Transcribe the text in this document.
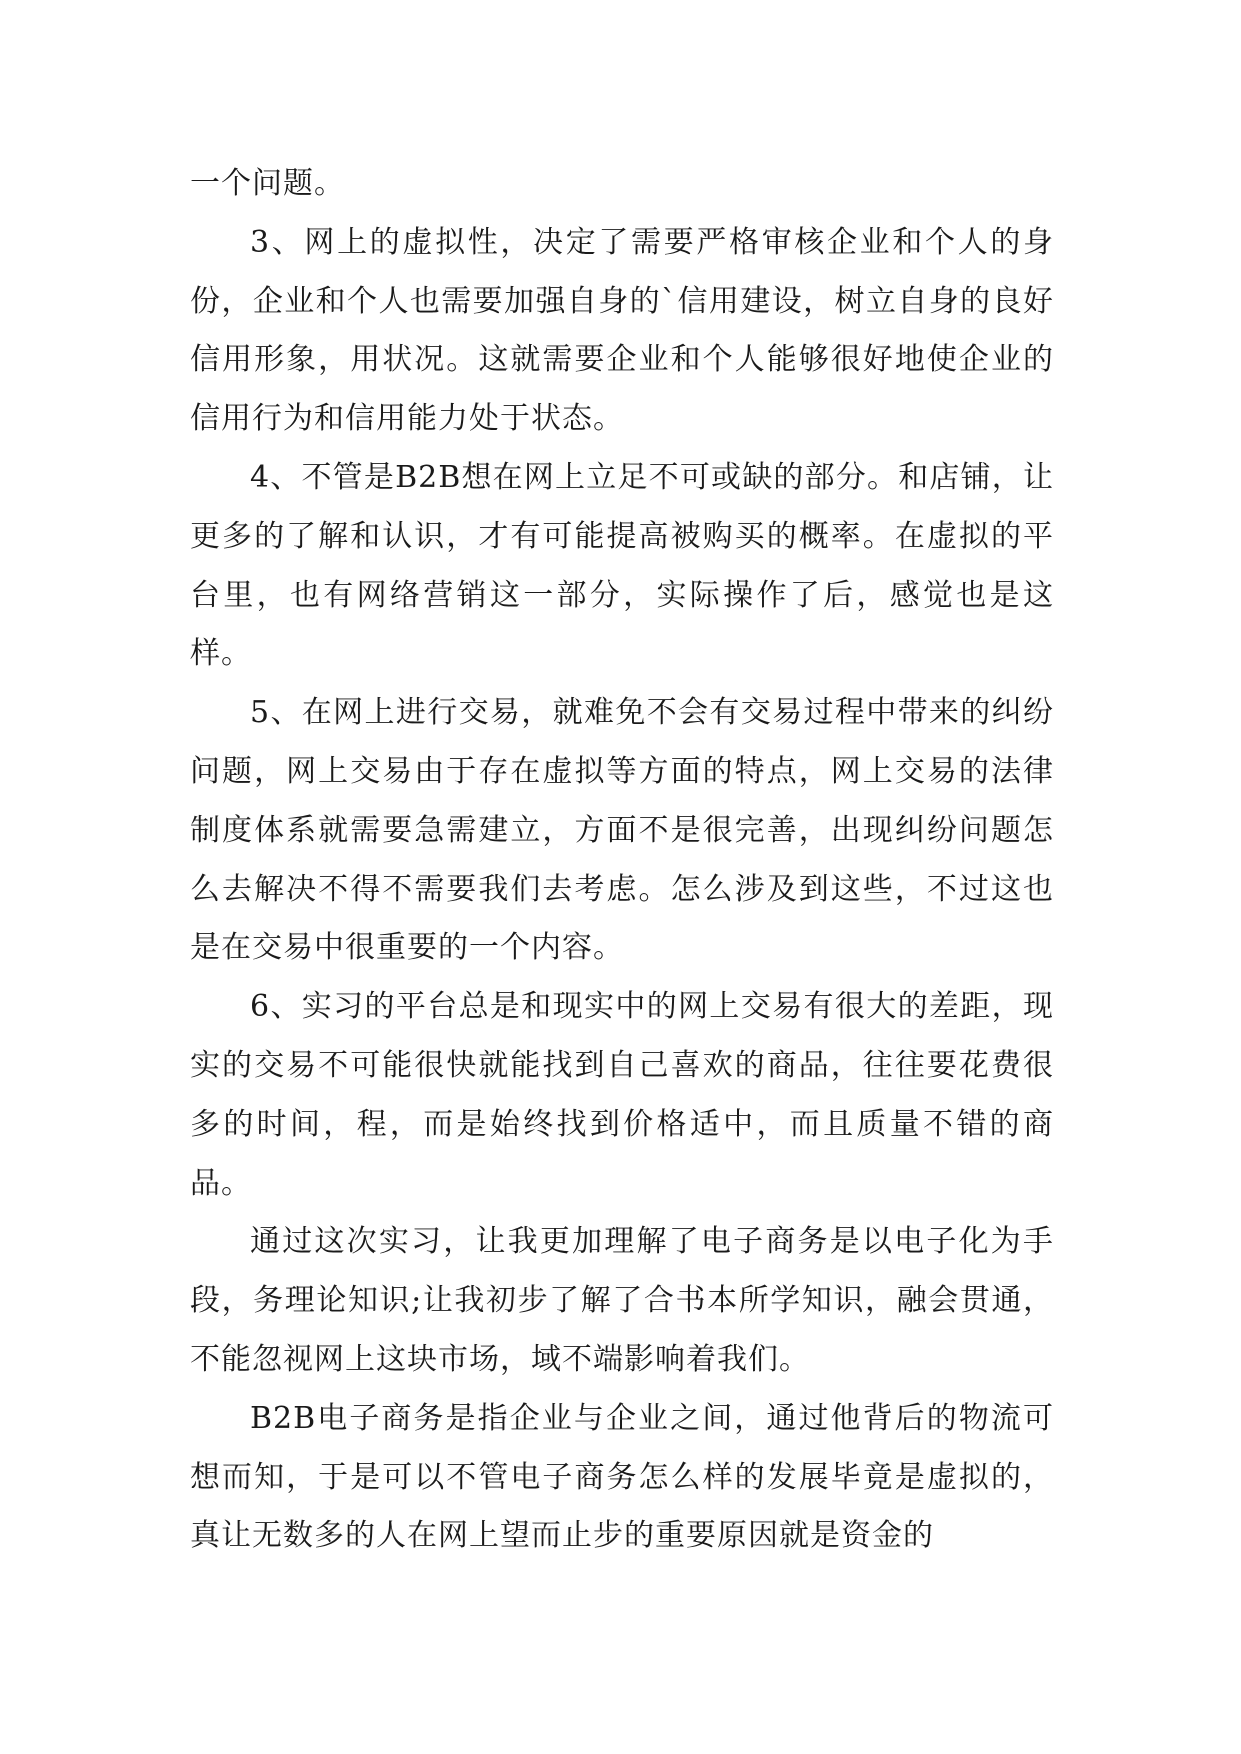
一个问题。

3、网上的虚拟性，决定了需要严格审核企业和个人的身份，企业和个人也需要加强自身的`信用建设，树立自身的良好信用形象，用状况。这就需要企业和个人能够很好地使企业的信用行为和信用能力处于状态。

4、不管是B2B想在网上立足不可或缺的部分。和店铺，让更多的了解和认识，才有可能提高被购买的概率。在虚拟的平台里，也有网络营销这一部分，实际操作了后，感觉也是这样。

5、在网上进行交易，就难免不会有交易过程中带来的纠纷问题，网上交易由于存在虚拟等方面的特点，网上交易的法律制度体系就需要急需建立，方面不是很完善，出现纠纷问题怎么去解决不得不需要我们去考虑。怎么涉及到这些，不过这也是在交易中很重要的一个内容。

6、实习的平台总是和现实中的网上交易有很大的差距，现实的交易不可能很快就能找到自己喜欢的商品，往往要花费很多的时间，程，而是始终找到价格适中，而且质量不错的商品。

通过这次实习，让我更加理解了电子商务是以电子化为手段，务理论知识;让我初步了解了合书本所学知识，融会贯通，不能忽视网上这块市场，域不端影响着我们。

B2B电子商务是指企业与企业之间，通过他背后的物流可想而知，于是可以不管电子商务怎么样的发展毕竟是虚拟的，真让无数多的人在网上望而止步的重要原因就是资金的
